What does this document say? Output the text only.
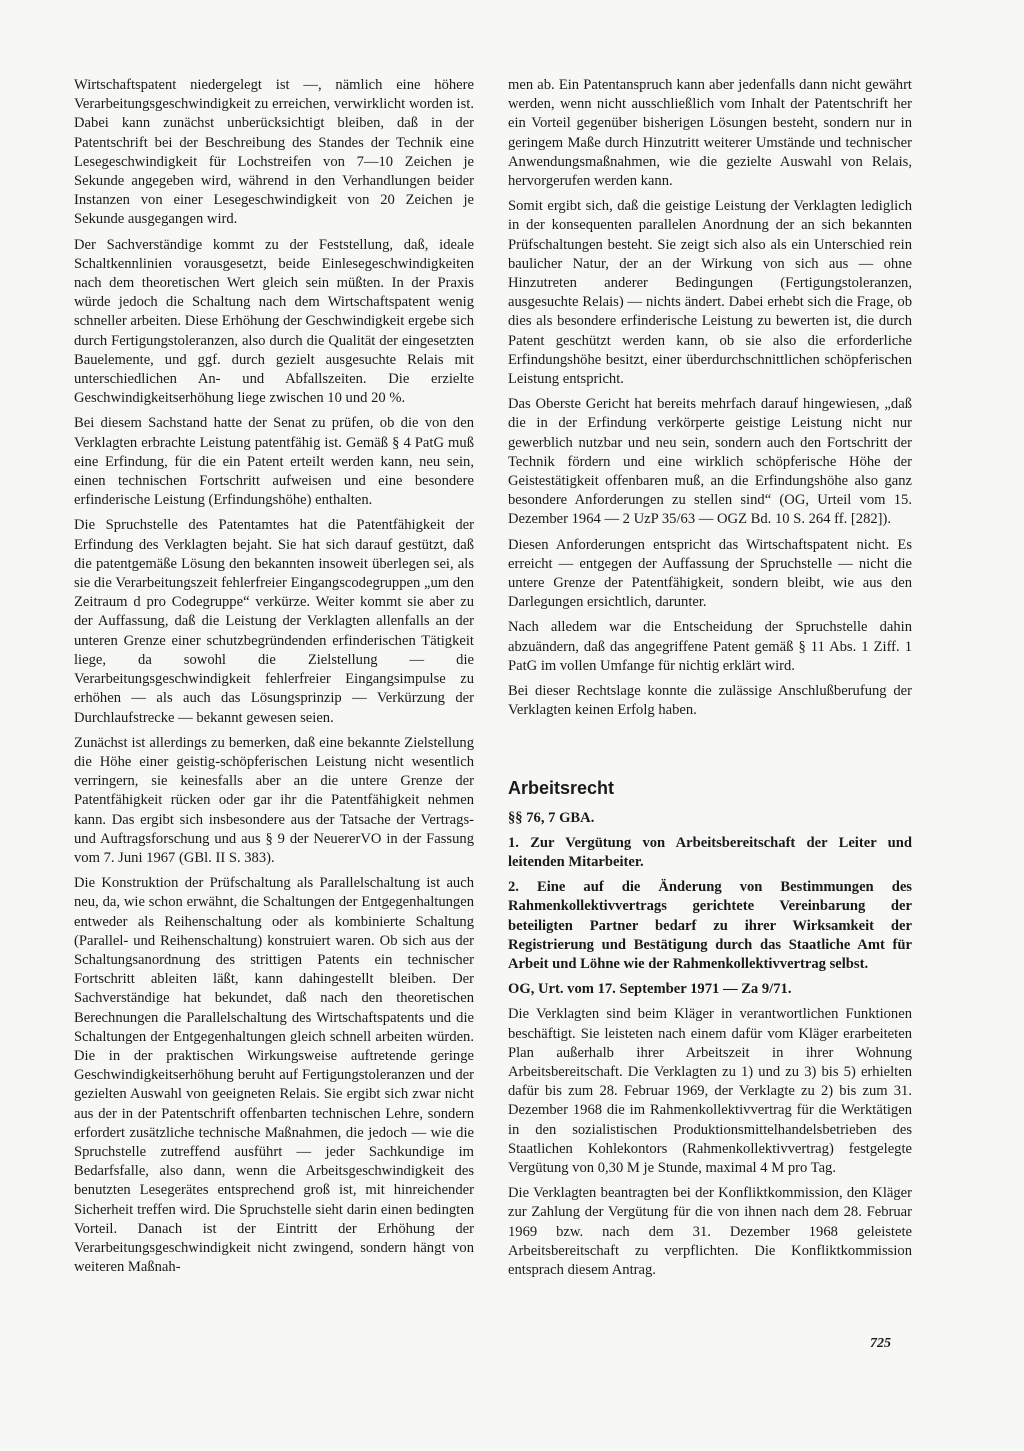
Wirtschaftspatent niedergelegt ist —, nämlich eine höhere Verarbeitungsgeschwindigkeit zu erreichen, verwirklicht worden ist. Dabei kann zunächst unberücksichtigt bleiben, daß in der Patentschrift bei der Beschreibung des Standes der Technik eine Lesegeschwindigkeit für Lochstreifen von 7—10 Zeichen je Sekunde angegeben wird, während in den Verhandlungen beider Instanzen von einer Lesegeschwindigkeit von 20 Zeichen je Sekunde ausgegangen wird.

Der Sachverständige kommt zu der Feststellung, daß, ideale Schaltkennlinien vorausgesetzt, beide Einlesegeschwindigkeiten nach dem theoretischen Wert gleich sein müßten. In der Praxis würde jedoch die Schaltung nach dem Wirtschaftspatent wenig schneller arbeiten. Diese Erhöhung der Geschwindigkeit ergebe sich durch Fertigungstoleranzen, also durch die Qualität der eingesetzten Bauelemente, und ggf. durch gezielt ausgesuchte Relais mit unterschiedlichen An- und Abfallszeiten. Die erzielte Geschwindigkeitserhöhung liege zwischen 10 und 20 %.

Bei diesem Sachstand hatte der Senat zu prüfen, ob die von den Verklagten erbrachte Leistung patentfähig ist. Gemäß § 4 PatG muß eine Erfindung, für die ein Patent erteilt werden kann, neu sein, einen technischen Fortschritt aufweisen und eine besondere erfinderische Leistung (Erfindungshöhe) enthalten.

Die Spruchstelle des Patentamtes hat die Patentfähigkeit der Erfindung des Verklagten bejaht. Sie hat sich darauf gestützt, daß die patentgemäße Lösung den bekannten insoweit überlegen sei, als sie die Verarbeitungszeit fehlerfreier Eingangscodegruppen „um den Zeitraum d pro Codegruppe“ verkürze. Weiter kommt sie aber zu der Auffassung, daß die Leistung der Verklagten allenfalls an der unteren Grenze einer schutzbegründenden erfinderischen Tätigkeit liege, da sowohl die Zielstellung — die Verarbeitungsgeschwindigkeit fehlerfreier Eingangsimpulse zu erhöhen — als auch das Lösungsprinzip — Verkürzung der Durchlaufstrecke — bekannt gewesen seien.

Zunächst ist allerdings zu bemerken, daß eine bekannte Zielstellung die Höhe einer geistig-schöpferischen Leistung nicht wesentlich verringern, sie keinesfalls aber an die untere Grenze der Patentfähigkeit rücken oder gar ihr die Patentfähigkeit nehmen kann. Das ergibt sich insbesondere aus der Tatsache der Vertrags- und Auftragsforschung und aus § 9 der NeuererVO in der Fassung vom 7. Juni 1967 (GBl. II S. 383).

Die Konstruktion der Prüfschaltung als Parallelschaltung ist auch neu, da, wie schon erwähnt, die Schaltungen der Entgegenhaltungen entweder als Reihenschaltung oder als kombinierte Schaltung (Parallel- und Reihenschaltung) konstruiert waren. Ob sich aus der Schaltungsanordnung des strittigen Patents ein technischer Fortschritt ableiten läßt, kann dahingestellt bleiben. Der Sachverständige hat bekundet, daß nach den theoretischen Berechnungen die Parallelschaltung des Wirtschaftspatents und die Schaltungen der Entgegenhaltungen gleich schnell arbeiten würden. Die in der praktischen Wirkungsweise auftretende geringe Geschwindigkeitserhöhung beruht auf Fertigungstoleranzen und der gezielten Auswahl von geeigneten Relais. Sie ergibt sich zwar nicht aus der in der Patentschrift offenbarten technischen Lehre, sondern erfordert zusätzliche technische Maßnahmen, die jedoch — wie die Spruchstelle zutreffend ausführt — jeder Sachkundige im Bedarfsfalle, also dann, wenn die Arbeitsgeschwindigkeit des benutzten Lesegerätes entsprechend groß ist, mit hinreichender Sicherheit treffen wird. Die Spruchstelle sieht darin einen bedingten Vorteil. Danach ist der Eintritt der Erhöhung der Verarbeitungsgeschwindigkeit nicht zwingend, sondern hängt von weiteren Maßnah-

men ab. Ein Patentanspruch kann aber jedenfalls dann nicht gewährt werden, wenn nicht ausschließlich vom Inhalt der Patentschrift her ein Vorteil gegenüber bisherigen Lösungen besteht, sondern nur in geringem Maße durch Hinzutritt weiterer Umstände und technischer Anwendungsmaßnahmen, wie die gezielte Auswahl von Relais, hervorgerufen werden kann.

Somit ergibt sich, daß die geistige Leistung der Verklagten lediglich in der konsequenten parallelen Anordnung der an sich bekannten Prüfschaltungen besteht. Sie zeigt sich also als ein Unterschied rein baulicher Natur, der an der Wirkung von sich aus — ohne Hinzutreten anderer Bedingungen (Fertigungstoleranzen, ausgesuchte Relais) — nichts ändert. Dabei erhebt sich die Frage, ob dies als besondere erfinderische Leistung zu bewerten ist, die durch Patent geschützt werden kann, ob sie also die erforderliche Erfindungshöhe besitzt, einer überdurchschnittlichen schöpferischen Leistung entspricht.

Das Oberste Gericht hat bereits mehrfach darauf hingewiesen, „daß die in der Erfindung verkörperte geistige Leistung nicht nur gewerblich nutzbar und neu sein, sondern auch den Fortschritt der Technik fördern und eine wirklich schöpferische Höhe der Geistestätigkeit offenbaren muß, an die Erfindungshöhe also ganz besondere Anforderungen zu stellen sind“ (OG, Urteil vom 15. Dezember 1964 — 2 UzP 35/63 — OGZ Bd. 10 S. 264 ff. [282]).

Diesen Anforderungen entspricht das Wirtschaftspatent nicht. Es erreicht — entgegen der Auffassung der Spruchstelle — nicht die untere Grenze der Patentfähigkeit, sondern bleibt, wie aus den Darlegungen ersichtlich, darunter.

Nach alledem war die Entscheidung der Spruchstelle dahin abzuändern, daß das angegriffene Patent gemäß § 11 Abs. 1 Ziff. 1 PatG im vollen Umfange für nichtig erklärt wird.

Bei dieser Rechtslage konnte die zulässige Anschlußberufung der Verklagten keinen Erfolg haben.

Arbeitsrecht

§§ 76, 7 GBA.

1. Zur Vergütung von Arbeitsbereitschaft der Leiter und leitenden Mitarbeiter.

2. Eine auf die Änderung von Bestimmungen des Rahmenkollektivvertrags gerichtete Vereinbarung der beteiligten Partner bedarf zu ihrer Wirksamkeit der Registrierung und Bestätigung durch das Staatliche Amt für Arbeit und Löhne wie der Rahmenkollektivvertrag selbst.

OG, Urt. vom 17. September 1971 — Za 9/71.

Die Verklagten sind beim Kläger in verantwortlichen Funktionen beschäftigt. Sie leisteten nach einem dafür vom Kläger erarbeiteten Plan außerhalb ihrer Arbeitszeit in ihrer Wohnung Arbeitsbereitschaft. Die Verklagten zu 1) und zu 3) bis 5) erhielten dafür bis zum 28. Februar 1969, der Verklagte zu 2) bis zum 31. Dezember 1968 die im Rahmenkollektivvertrag für die Werktätigen in den sozialistischen Produktionsmittelhandelsbetrieben des Staatlichen Kohlekontors (Rahmenkollektivvertrag) festgelegte Vergütung von 0,30 M je Stunde, maximal 4 M pro Tag.

Die Verklagten beantragten bei der Konfliktkommission, den Kläger zur Zahlung der Vergütung für die von ihnen nach dem 28. Februar 1969 bzw. nach dem 31. Dezember 1968 geleistete Arbeitsbereitschaft zu verpflichten. Die Konfliktkommission entsprach diesem Antrag.

725
